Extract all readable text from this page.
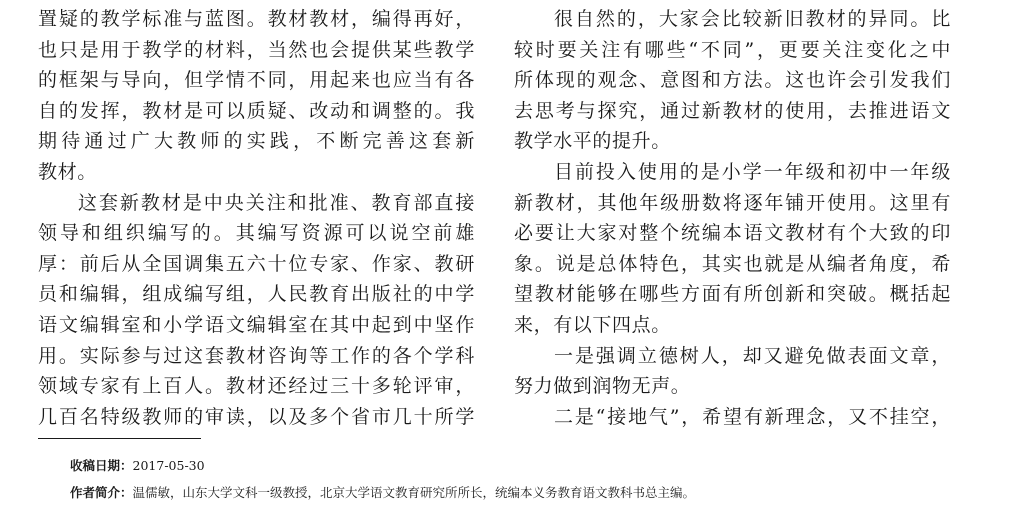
置疑的教学标准与蓝图。教材教材，编得再好，
也只是用于教学的材料，当然也会提供某些教学
的框架与导向，但学情不同，用起来也应当有各
自的发挥，教材是可以质疑、改动和调整的。我
期待通过广大教师的实践，不断完善这套新
教材。
这套新教材是中央关注和批准、教育部直接
领导和组织编写的。其编写资源可以说空前雄
厚：前后从全国调集五六十位专家、作家、教研
员和编辑，组成编写组，人民教育出版社的中学
语文编辑室和小学语文编辑室在其中起到中坚作
用。实际参与过这套教材咨询等工作的各个学科
领域专家有上百人。教材还经过三十多轮评审，
几百名特级教师的审读，以及多个省市几十所学
很自然的，大家会比较新旧教材的异同。比
较时要关注有哪些“不同”，更要关注变化之中
所体现的观念、意图和方法。这也许会引发我们
去思考与探究，通过新教材的使用，去推进语文
教学水平的提升。
目前投入使用的是小学一年级和初中一年级
新教材，其他年级册数将逐年铺开使用。这里有
必要让大家对整个统编本语文教材有个大致的印
象。说是总体特色，其实也就是从编者角度，希
望教材能够在哪些方面有所创新和突破。概括起
来，有以下四点。
一是强调立德树人，却又避免做表面文章，
努力做到润物无声。
二是“接地气”，希望有新理念，又不挂空，
收稿日期：2017-05-30
作者简介：温儒敏，山东大学文科一级教授，北京大学语文教育研究所所长，统编本义务教育语文教科书总主编。
